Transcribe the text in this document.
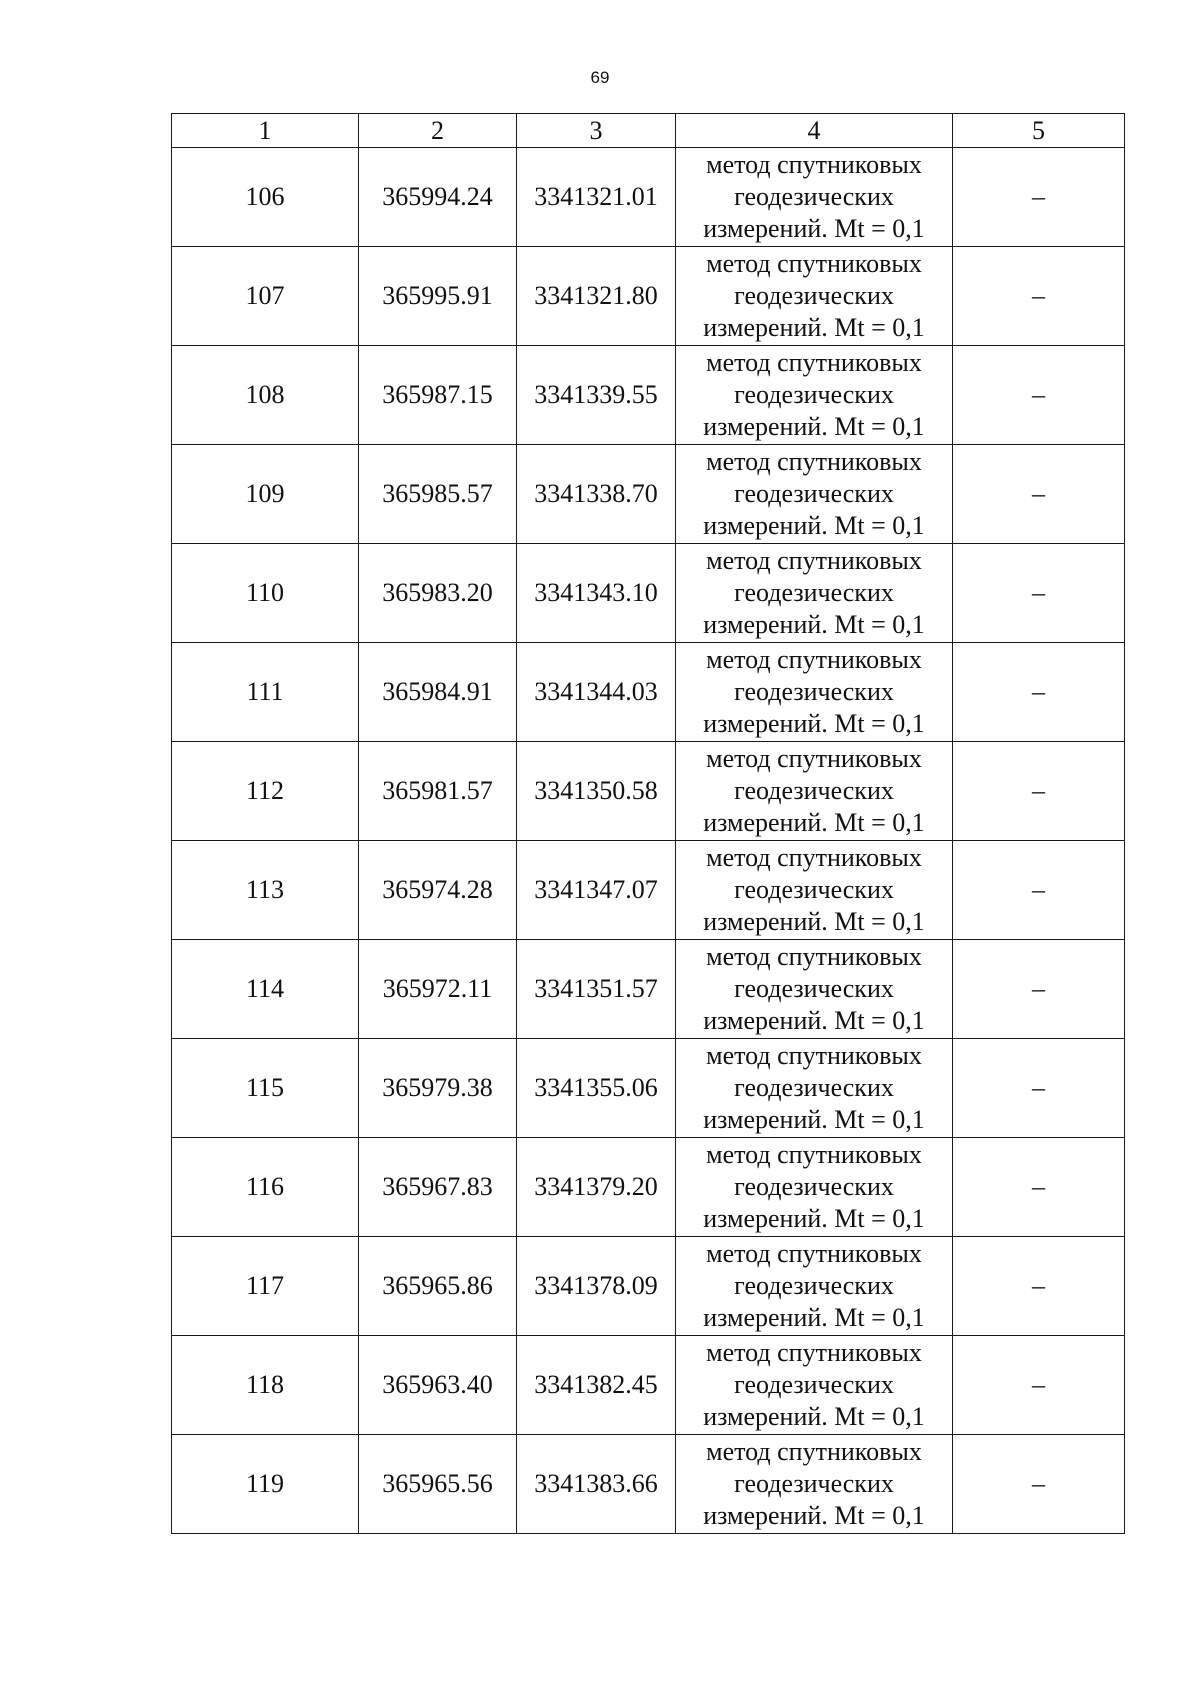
69
1	2	3	4	5
106	365994.24	3341321.01	метод спутниковых
геодезических
измерений. Mt = 0,1	–
107	365995.91	3341321.80	метод спутниковых
геодезических
измерений. Mt = 0,1	–
108	365987.15	3341339.55	метод спутниковых
геодезических
измерений. Mt = 0,1	–
109	365985.57	3341338.70	метод спутниковых
геодезических
измерений. Mt = 0,1	–
110	365983.20	3341343.10	метод спутниковых
геодезических
измерений. Mt = 0,1	–
111	365984.91	3341344.03	метод спутниковых
геодезических
измерений. Mt = 0,1	–
112	365981.57	3341350.58	метод спутниковых
геодезических
измерений. Mt = 0,1	–
113	365974.28	3341347.07	метод спутниковых
геодезических
измерений. Mt = 0,1	–
114	365972.11	3341351.57	метод спутниковых
геодезических
измерений. Mt = 0,1	–
115	365979.38	3341355.06	метод спутниковых
геодезических
измерений. Mt = 0,1	–
116	365967.83	3341379.20	метод спутниковых
геодезических
измерений. Mt = 0,1	–
117	365965.86	3341378.09	метод спутниковых
геодезических
измерений. Mt = 0,1	–
118	365963.40	3341382.45	метод спутниковых
геодезических
измерений. Mt = 0,1	–
119	365965.56	3341383.66	метод спутниковых
геодезических
измерений. Mt = 0,1	–
